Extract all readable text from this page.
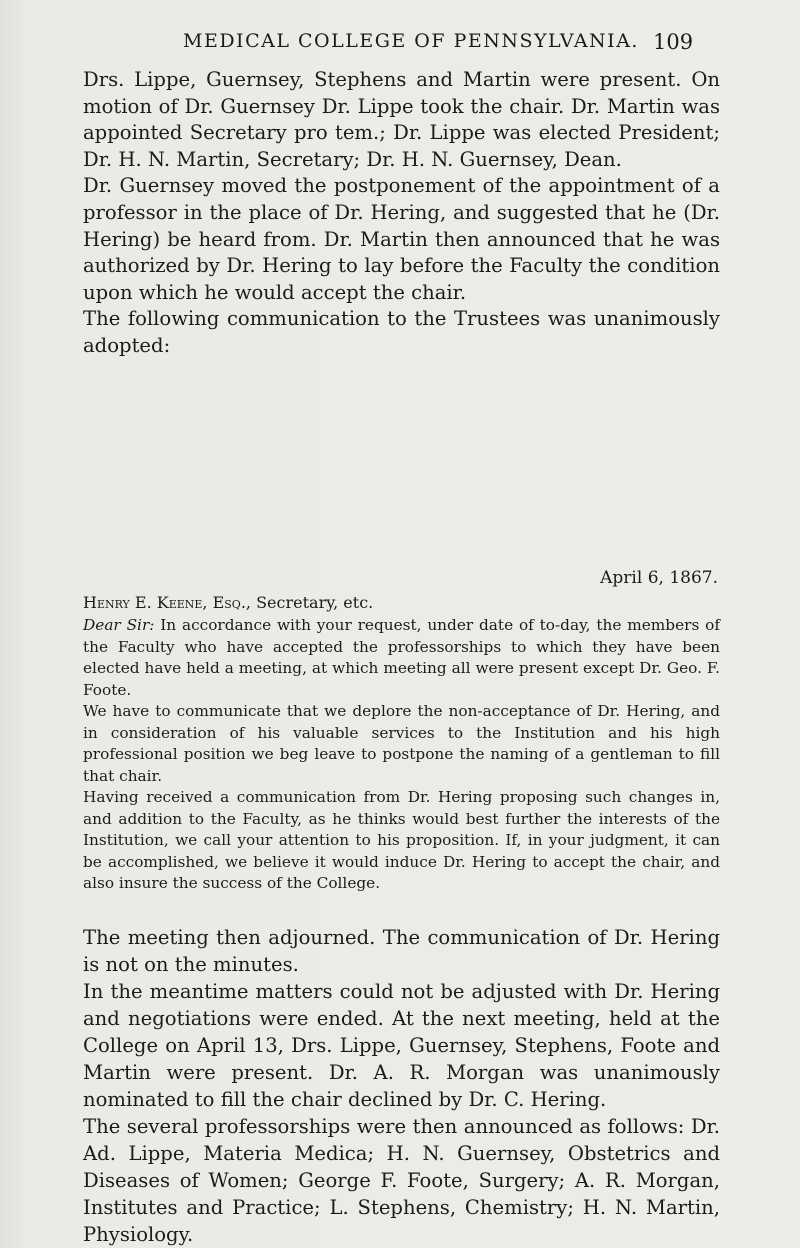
MEDICAL COLLEGE OF PENNSYLVANIA. 109

Drs. Lippe, Guernsey, Stephens and Martin were present. On motion of Dr. Guernsey Dr. Lippe took the chair. Dr. Martin was appointed Secretary pro tem.; Dr. Lippe was elected President; Dr. H. N. Martin, Secretary; Dr. H. N. Guernsey, Dean.

Dr. Guernsey moved the postponement of the appointment of a professor in the place of Dr. Hering, and suggested that he (Dr. Hering) be heard from. Dr. Martin then announced that he was authorized by Dr. Hering to lay before the Faculty the condition upon which he would accept the chair.

The following communication to the Trustees was unanimously adopted:

April 6, 1867.
Henry E. Keene, Esq., Secretary, etc.

Dear Sir: In accordance with your request, under date of to-day, the members of the Faculty who have accepted the professorships to which they have been elected have held a meeting, at which meeting all were present except Dr. Geo. F. Foote.

We have to communicate that we deplore the non-acceptance of Dr. Hering, and in consideration of his valuable services to the Institution and his high professional position we beg leave to postpone the naming of a gentleman to fill that chair.

Having received a communication from Dr. Hering proposing such changes in, and addition to the Faculty, as he thinks would best further the interests of the Institution, we call your attention to his proposition. If, in your judgment, it can be accomplished, we believe it would induce Dr. Hering to accept the chair, and also insure the success of the College.

The meeting then adjourned. The communication of Dr. Hering is not on the minutes.

In the meantime matters could not be adjusted with Dr. Hering and negotiations were ended. At the next meeting, held at the College on April 13, Drs. Lippe, Guernsey, Stephens, Foote and Martin were present. Dr. A. R. Morgan was unanimously nominated to fill the chair declined by Dr. C. Hering.

The several professorships were then announced as follows: Dr. Ad. Lippe, Materia Medica; H. N. Guernsey, Obstetrics and Diseases of Women; George F. Foote, Surgery; A. R. Morgan, Institutes and Practice; L. Stephens, Chemistry; H. N. Martin, Physiology.
